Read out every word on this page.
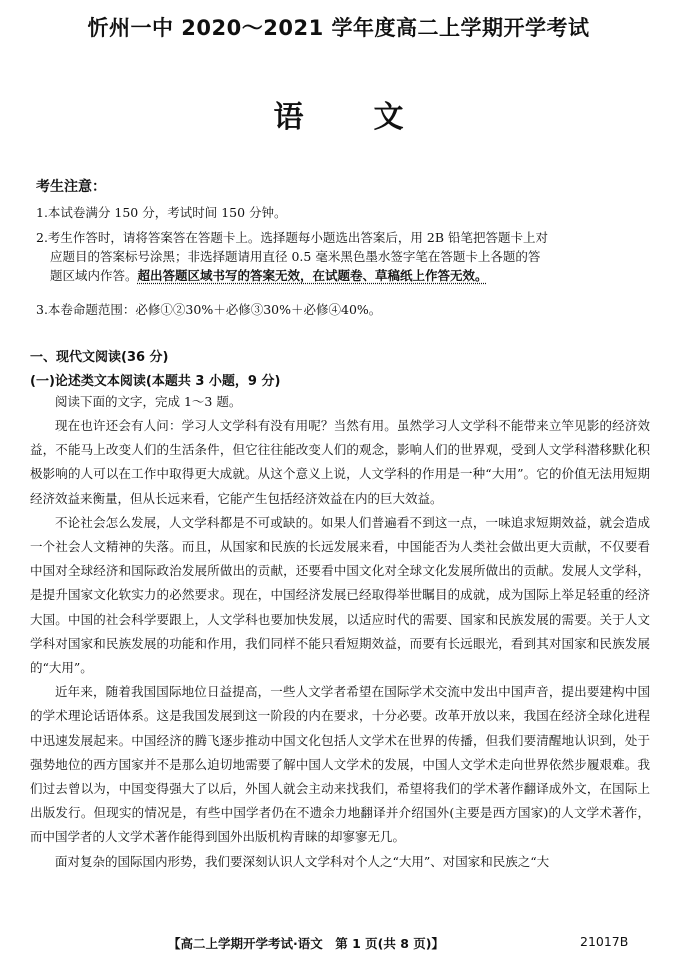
忻州一中 2020～2021 学年度高二上学期开学考试
语文
考生注意：
1.本试卷满分 150 分，考试时间 150 分钟。
2.考生作答时，请将答案答在答题卡上。选择题每小题选出答案后，用 2B 铅笔把答题卡上对
应题目的答案标号涂黑；非选择题请用直径 0.5 毫米黑色墨水签字笔在答题卡上各题的答
题区域内作答。超出答题区域书写的答案无效，在试题卷、草稿纸上作答无效。
3.本卷命题范围：必修①②30%＋必修③30%＋必修④40%。
一、现代文阅读(36 分)
(一)论述类文本阅读(本题共 3 小题，9 分)

阅读下面的文字，完成 1～3 题。

现在也许还会有人问：学习人文学科有没有用呢？当然有用。虽然学习人文学科不能带来立竿见影的经济效益，不能马上改变人们的生活条件，但它往往能改变人们的观念，影响人们的世界观，受到人文学科潜移默化积极影响的人可以在工作中取得更大成就。从这个意义上说，人文学科的作用是一种“大用”。它的价值无法用短期经济效益来衡量，但从长远来看，它能产生包括经济效益在内的巨大效益。

不论社会怎么发展，人文学科都是不可或缺的。如果人们普遍看不到这一点，一味追求短期效益，就会造成一个社会人文精神的失落。而且，从国家和民族的长远发展来看，中国能否为人类社会做出更大贡献，不仅要看中国对全球经济和国际政治发展所做出的贡献，还要看中国文化对全球文化发展所做出的贡献。发展人文学科，是提升国家文化软实力的必然要求。现在，中国经济发展已经取得举世瞩目的成就，成为国际上举足轻重的经济大国。中国的社会科学要跟上，人文学科也要加快发展，以适应时代的需要、国家和民族发展的需要。关于人文学科对国家和民族发展的功能和作用，我们同样不能只看短期效益，而要有长远眼光，看到其对国家和民族发展的“大用”。

近年来，随着我国国际地位日益提高，一些人文学者希望在国际学术交流中发出中国声音，提出要建构中国的学术理论话语体系。这是我国发展到这一阶段的内在要求，十分必要。改革开放以来，我国在经济全球化进程中迅速发展起来。中国经济的腾飞逐步推动中国文化包括人文学术在世界的传播，但我们要清醒地认识到，处于强势地位的西方国家并不是那么迫切地需要了解中国人文学术的发展，中国人文学术走向世界依然步履艰难。我们过去曾以为，中国变得强大了以后，外国人就会主动来找我们，希望将我们的学术著作翻译成外文，在国际上出版发行。但现实的情况是，有些中国学者仍在不遗余力地翻译并介绍国外(主要是西方国家)的人文学术著作，而中国学者的人文学术著作能得到国外出版机构青睐的却寥寥无几。

面对复杂的国际国内形势，我们要深刻认识人文学科对个人之“大用”、对国家和民族之“大

【高二上学期开学考试·语文　第 1 页(共 8 页)】	21017B
